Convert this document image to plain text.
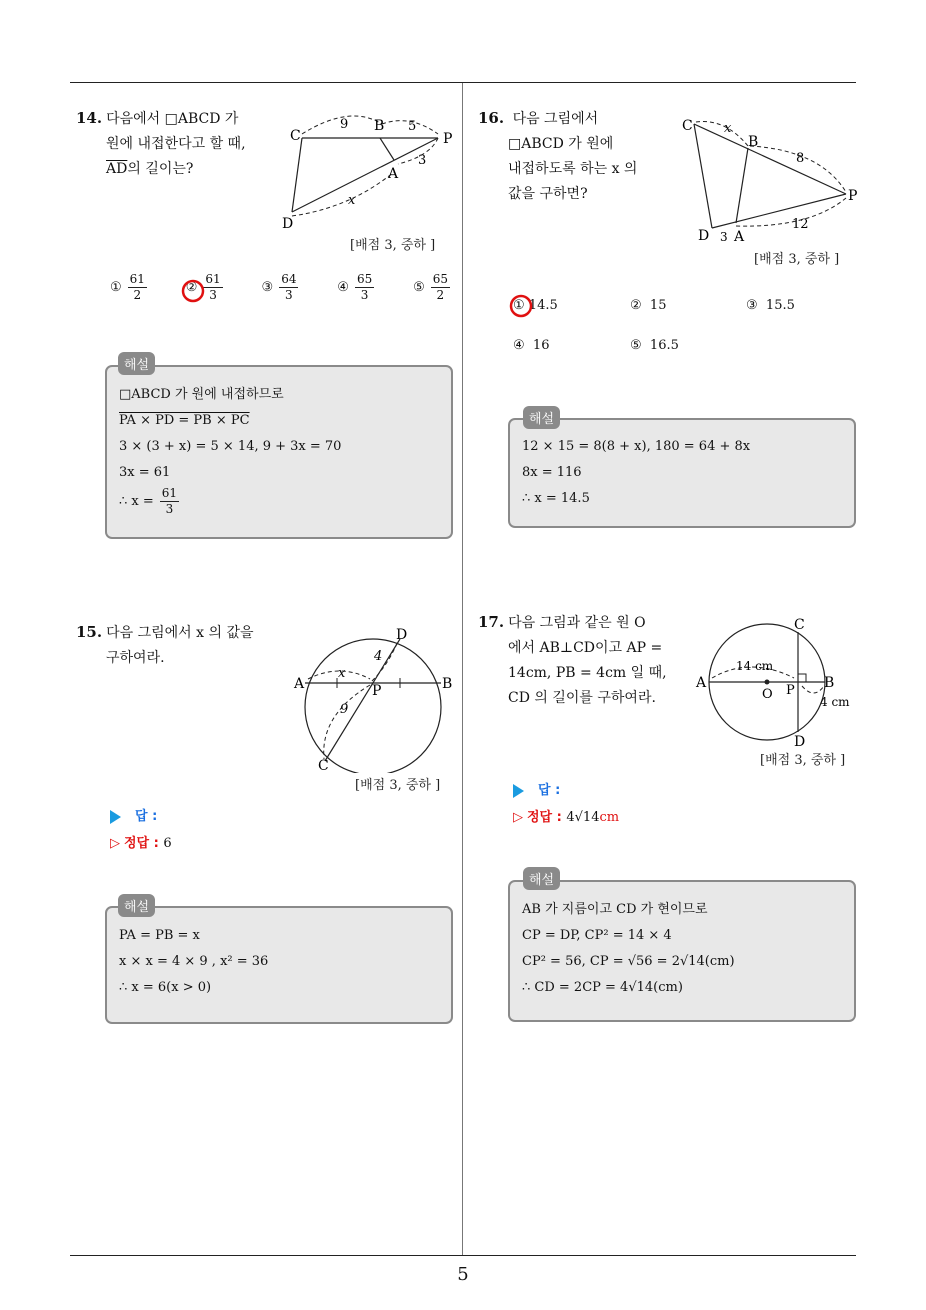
5
14. 다음에서 □ABCD 가
원에 내접한다고 할 때,
$\overline{AD}$의 길이는?
C
B
P
A
D
9	5
3
x
[배점 3, 중하 ]
① $\frac{61}{2}$	② $\frac{61}{3}$	③ $\frac{64}{3}$	④ $\frac{65}{3}$	⑤ $\frac{65}{2}$
□ABCD 가 원에 내접하므로
PA × PD = PB × PC
3 × (3 + x) = 5 × 14, 9 + 3x = 70
3x = 61
∴ $x = \frac{61}{3}$
해설
15. 다음 그림에서 x 의 값을
구하여라.
A	B
P
C
D
4
9
x
[배점 3, 중하 ]
답 :
▷ 정답 : 6
PA = PB = x
x × x = 4 × 9 , x² = 36
∴ x = 6(x > 0)
해설
16. 다음 그림에서
□ABCD 가 원에
내접하도록 하는 x 의
값을 구하면?
C
B
P
D A
x
8
12
3
[배점 3, 중하 ]
①
14.5	②
15	③
15.5
④
16	⑤
16.5
12 × 15 = 8(8 + x), 180 = 64 + 8x
8x = 116
∴ x = 14.5
해설
17. 다음 그림과 같은 원 O
에서 AB⊥CD이고 AP =
14cm, PB = 4cm 일 때,
CD 의 길이를 구하여라.
A
O P B
C
D
14 cm
4 cm
[배점 3, 중하 ]
답 :
▷ 정답 : 4√14cm
AB 가 지름이고 CD 가 현이므로
CP = DP, CP² = 14 × 4
CP² = 56, CP = √56 = 2√14(cm)
∴ CD = 2CP = 4√14(cm)
해설
